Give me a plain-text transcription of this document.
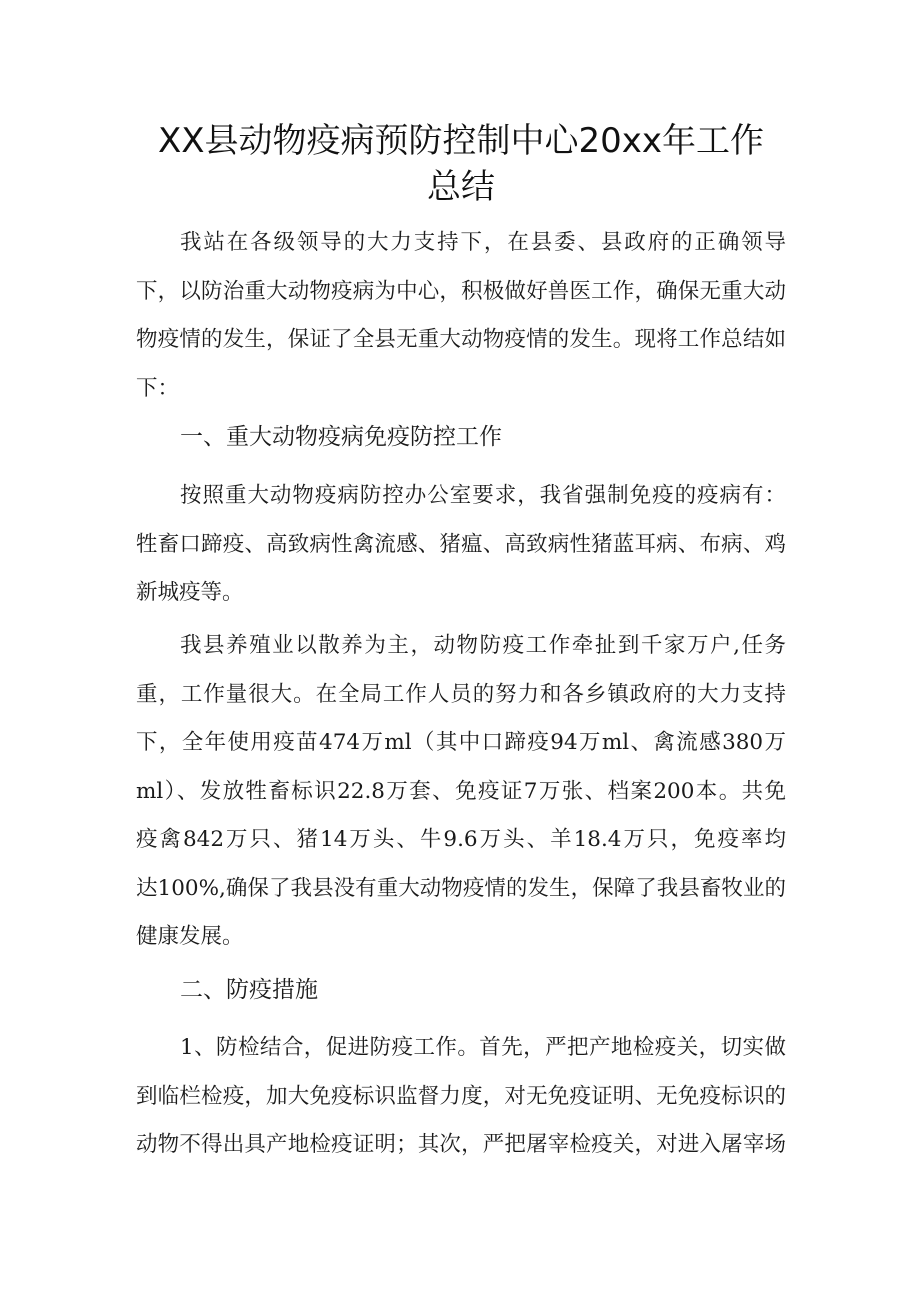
XX县动物疫病预防控制中心20xx年工作
总结
我站在各级领导的大力支持下，在县委、县政府的正确领导
下，以防治重大动物疫病为中心，积极做好兽医工作，确保无重大动
物疫情的发生，保证了全县无重大动物疫情的发生。现将工作总结如
下：
一、重大动物疫病免疫防控工作
按照重大动物疫病防控办公室要求，我省强制免疫的疫病有：
牲畜口蹄疫、高致病性禽流感、猪瘟、高致病性猪蓝耳病、布病、鸡
新城疫等。
我县养殖业以散养为主，动物防疫工作牵扯到千家万户,任务
重，工作量很大。在全局工作人员的努力和各乡镇政府的大力支持
下，全年使用疫苗474万ml（其中口蹄疫94万ml、禽流感380万
ml）、发放牲畜标识22.8万套、免疫证7万张、档案200本。共免
疫禽842万只、猪14万头、牛9.6万头、羊18.4万只，免疫率均
达100%,确保了我县没有重大动物疫情的发生，保障了我县畜牧业的
健康发展。
二、防疫措施
1、防检结合，促进防疫工作。首先，严把产地检疫关，切实做
到临栏检疫，加大免疫标识监督力度，对无免疫证明、无免疫标识的
动物不得出具产地检疫证明；其次，严把屠宰检疫关，对进入屠宰场
